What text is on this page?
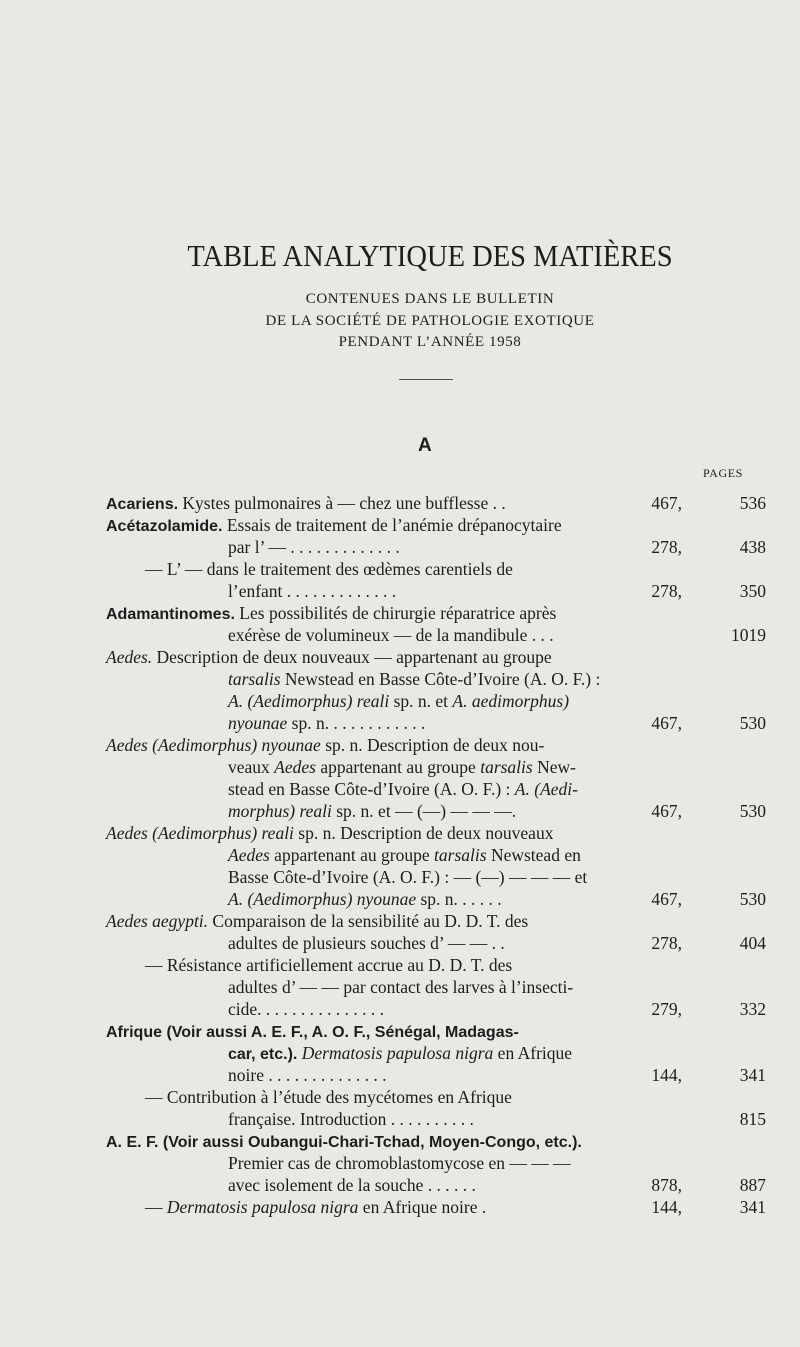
TABLE ANALYTIQUE DES MATIÈRES
CONTENUES DANS LE BULLETIN
DE LA SOCIÉTÉ DE PATHOLOGIE EXOTIQUE
PENDANT L’ANNÉE 1958
A
PAGES
Acariens. Kystes pulmonaires à — chez une bufflesse . .	467,	536
Acétazolamide. Essais de traitement de l’anémie drépanocytaire
par l’ — . . . . . . . . . . . . .	278,	438
— L’ — dans le traitement des œdèmes carentiels de
l’enfant . . . . . . . . . . . . .	278,	350
Adamantinomes. Les possibilités de chirurgie réparatrice après
exérèse de volumineux — de la mandibule . . .	1019
Aedes. Description de deux nouveaux — appartenant au groupe
tarsalis Newstead en Basse Côte-d’Ivoire (A. O. F.) :
A. (Aedimorphus) reali sp. n. et A. aedimorphus)
nyounae sp. n. . . . . . . . . . . .	467,	530
Aedes (Aedimorphus) nyounae sp. n. Description de deux nou-
veaux Aedes appartenant au groupe tarsalis New-
stead en Basse Côte-d’Ivoire (A. O. F.) : A. (Aedi-
morphus) reali sp. n. et — (—) — — —.	467,	530
Aedes (Aedimorphus) reali sp. n. Description de deux nouveaux
Aedes appartenant au groupe tarsalis Newstead en
Basse Côte-d’Ivoire (A. O. F.) : — (—) — — — et
A. (Aedimorphus) nyounae sp. n. . . . . .	467,	530
Aedes aegypti. Comparaison de la sensibilité au D. D. T. des
adultes de plusieurs souches d’ — — . .	278,	404
— Résistance artificiellement accrue au D. D. T. des
adultes d’ — — par contact des larves à l’insecti-
cide. . . . . . . . . . . . . . .	279,	332
Afrique (Voir aussi A. E. F., A. O. F., Sénégal, Madagas-
car, etc.). Dermatosis papulosa nigra en Afrique
noire . . . . . . . . . . . . . .	144,	341
— Contribution à l’étude des mycétomes en Afrique
française. Introduction . . . . . . . . . .	815
A. E. F. (Voir aussi Oubangui-Chari-Tchad, Moyen-Congo, etc.).
Premier cas de chromoblastomycose en — — —
avec isolement de la souche . . . . . .	878,	887
— Dermatosis papulosa nigra en Afrique noire .	144,	341
